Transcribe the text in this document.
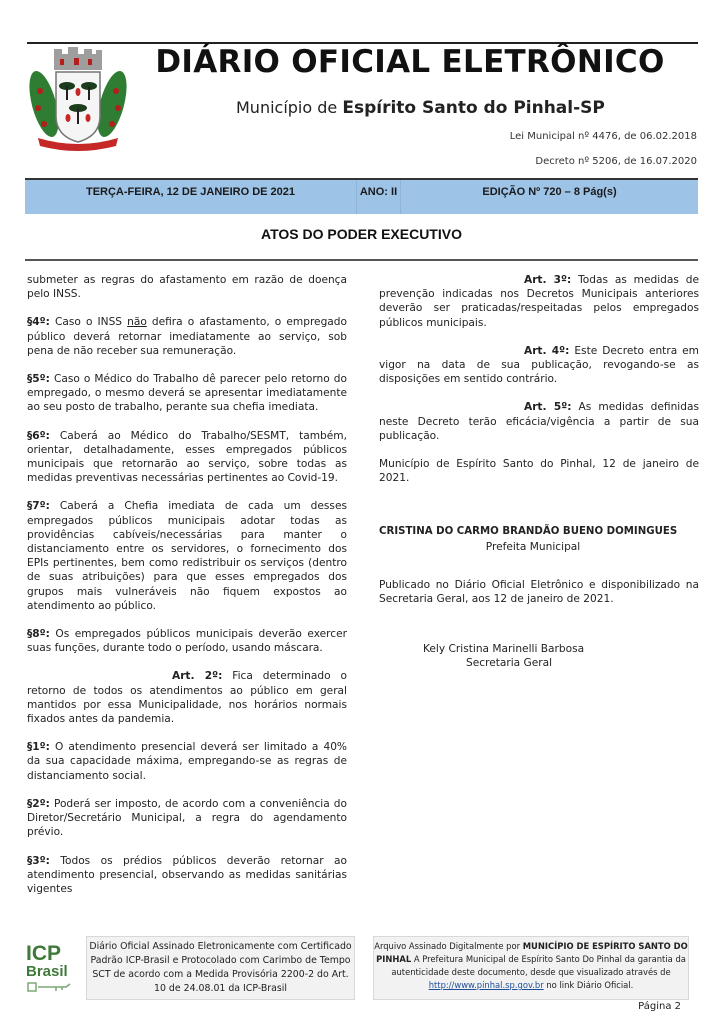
DIÁRIO OFICIAL ELETRÔNICO
Município de Espírito Santo do Pinhal-SP
Lei Municipal nº 4476, de 06.02.2018
Decreto nº 5206, de 16.07.2020
TERÇA-FEIRA, 12 DE JANEIRO DE 2021	ANO: II	EDIÇÃO Nº 720 – 8 Pág(s)
ATOS DO PODER EXECUTIVO

submeter as regras do afastamento em razão de doença pelo INSS.

§4º: Caso o INSS não defira o afastamento, o empregado público deverá retornar imediatamente ao serviço, sob pena de não receber sua remuneração.

§5º: Caso o Médico do Trabalho dê parecer pelo retorno do empregado, o mesmo deverá se apresentar imediatamente ao seu posto de trabalho, perante sua chefia imediata.

§6º: Caberá ao Médico do Trabalho/SESMT, também, orientar, detalhadamente, esses empregados públicos municipais que retornarão ao serviço, sobre todas as medidas preventivas necessárias pertinentes ao Covid-19.

§7º: Caberá a Chefia imediata de cada um desses empregados públicos municipais adotar todas as providências cabíveis/necessárias para manter o distanciamento entre os servidores, o fornecimento dos EPIs pertinentes, bem como redistribuir os serviços (dentro de suas atribuições) para que esses empregados dos grupos mais vulneráveis não fiquem expostos ao atendimento ao público.

§8º: Os empregados públicos municipais deverão exercer suas funções, durante todo o período, usando máscara.

Art. 2º: Fica determinado o retorno de todos os atendimentos ao público em geral mantidos por essa Municipalidade, nos horários normais fixados antes da pandemia.

§1º: O atendimento presencial deverá ser limitado a 40% da sua capacidade máxima, empregando-se as regras de distanciamento social.

§2º: Poderá ser imposto, de acordo com a conveniência do Diretor/Secretário Municipal, a regra do agendamento prévio.

§3º: Todos os prédios públicos deverão retornar ao atendimento presencial, observando as medidas sanitárias vigentes

Art. 3º: Todas as medidas de prevenção indicadas nos Decretos Municipais anteriores deverão ser praticadas/respeitadas pelos empregados públicos municipais.

Art. 4º: Este Decreto entra em vigor na data de sua publicação, revogando-se as disposições em sentido contrário.

Art. 5º: As medidas definidas neste Decreto terão eficácia/vigência a partir de sua publicação.

Município de Espírito Santo do Pinhal, 12 de janeiro de 2021.

CRISTINA DO CARMO BRANDÃO BUENO DOMINGUES

Prefeita Municipal

Publicado no Diário Oficial Eletrônico e disponibilizado na Secretaria Geral, aos 12 de janeiro de 2021.

Kely Cristina Marinelli Barbosa

Secretaria Geral

ICP
Brasil
Diário Oficial Assinado Eletronicamente com Certificado Padrão ICP-Brasil e Protocolado com Carimbo de Tempo SCT de acordo com a Medida Provisória 2200-2 do Art. 10 de 24.08.01 da ICP-Brasil
Arquivo Assinado Digitalmente por MUNICÍPIO DE ESPÍRITO SANTO DO PINHAL A Prefeitura Municipal de Espírito Santo Do Pinhal da garantia da autenticidade deste documento, desde que visualizado através de http://www.pinhal.sp.gov.br no link Diário Oficial.
Página 2
